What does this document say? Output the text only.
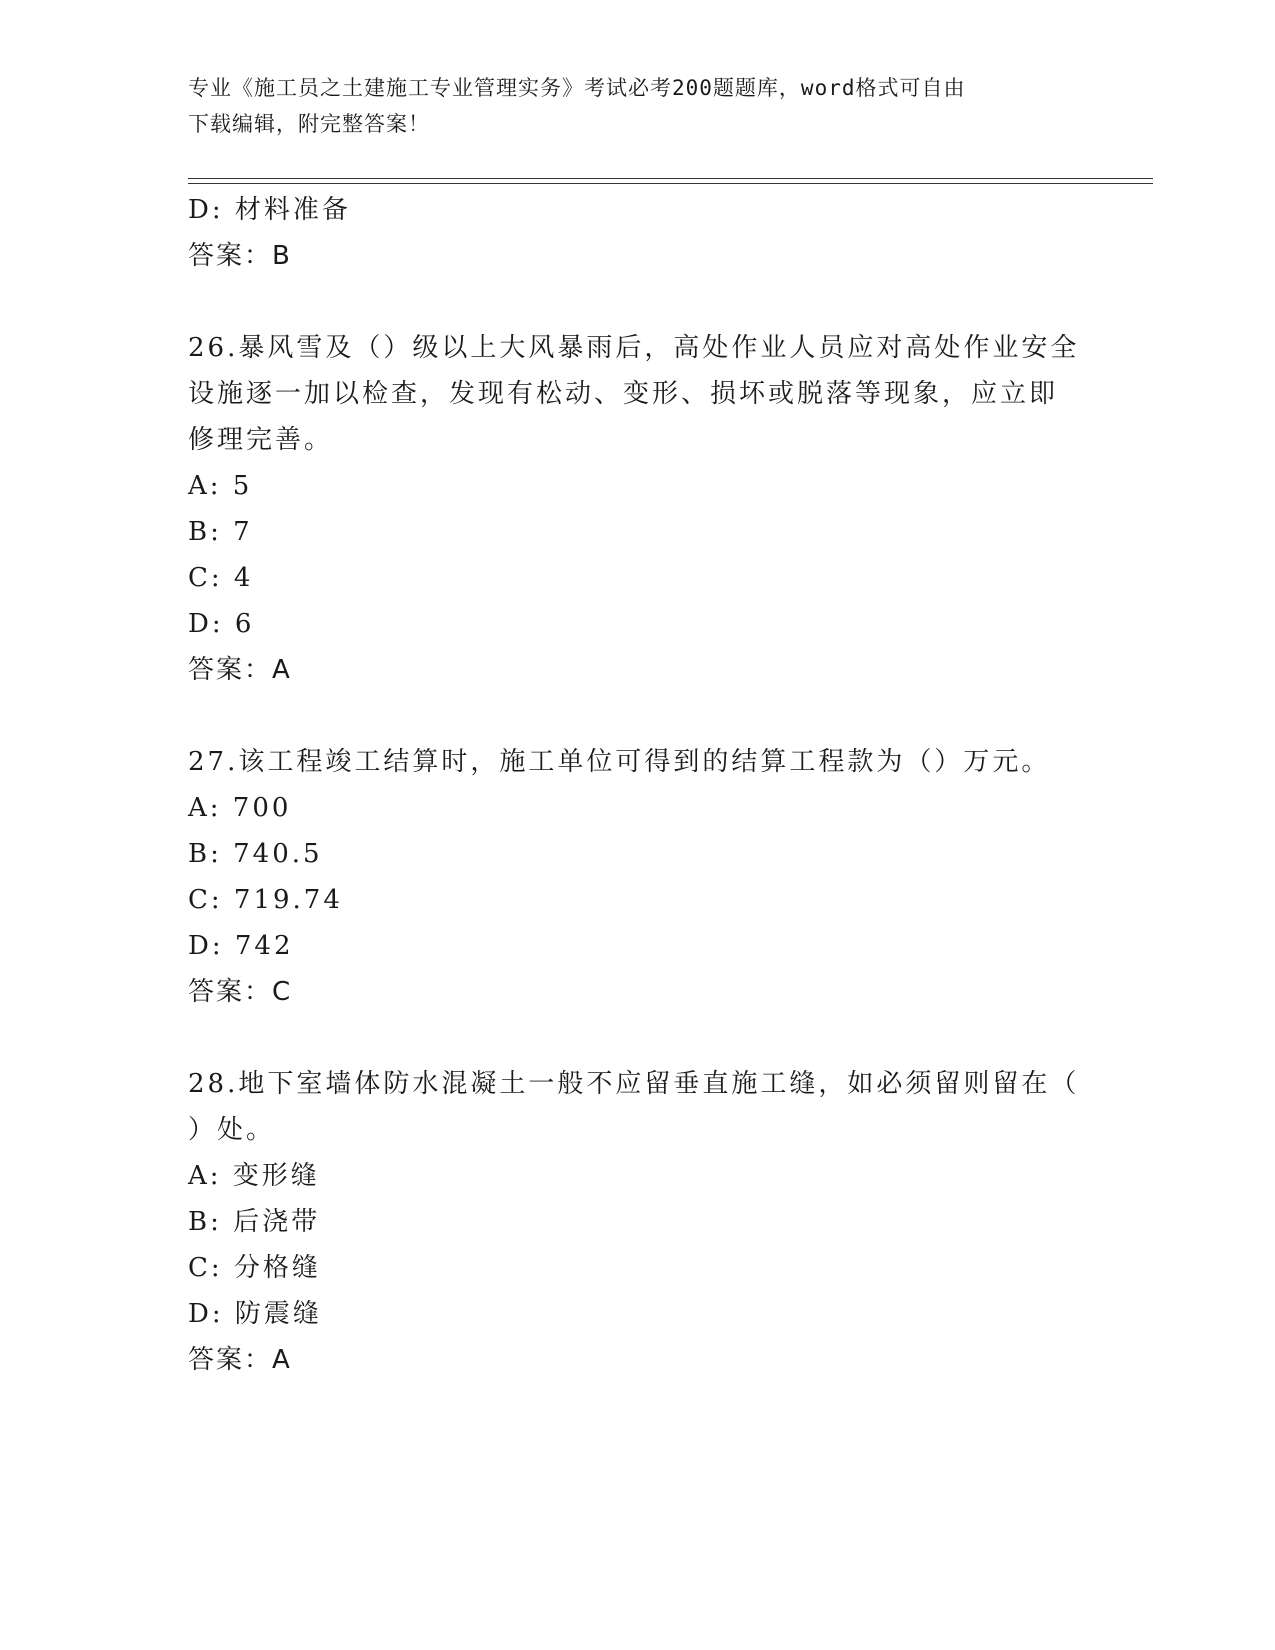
专业《施工员之土建施工专业管理实务》考试必考200题题库，word格式可自由
下载编辑，附完整答案！
D: 材料准备
答案：B
26.暴风雪及（）级以上大风暴雨后，高处作业人员应对高处作业安全
设施逐一加以检查，发现有松动、变形、损坏或脱落等现象，应立即
修理完善。
A: 5
B: 7
C: 4
D: 6
答案：A
27.该工程竣工结算时，施工单位可得到的结算工程款为（）万元。
A: 700
B: 740.5
C: 719.74
D: 742
答案：C
28.地下室墙体防水混凝土一般不应留垂直施工缝，如必须留则留在（
）处。
A: 变形缝
B: 后浇带
C: 分格缝
D: 防震缝
答案：A
